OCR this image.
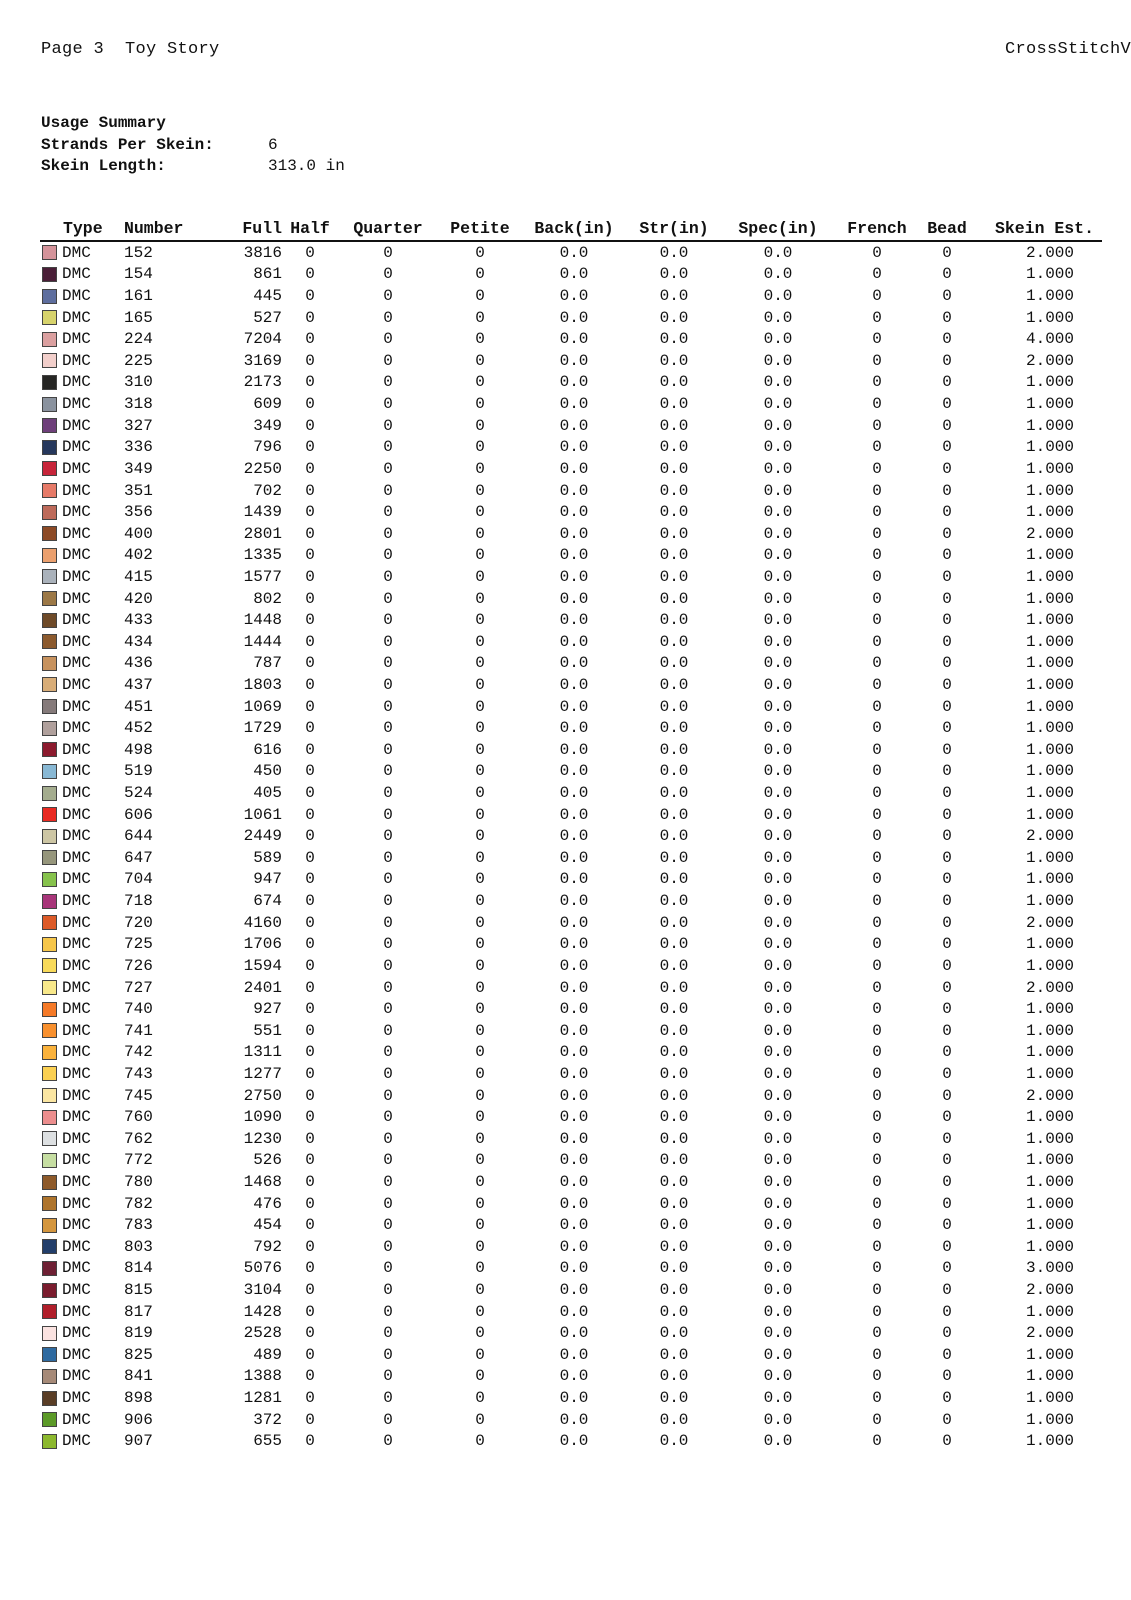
Page 3  Toy Story	CrossStitchV
Usage Summary
Strands Per Skein:	6
Skein Length:	313.0 in
Type		Number	Full	Half	Quarter	Petite	Back(in)	Str(in)	Spec(in)	French	Bead	Skein Est.

	DMC	152	3816	0	0	0	0.0	0.0	0.0	0	0	2.000

	DMC	154	861	0	0	0	0.0	0.0	0.0	0	0	1.000

	DMC	161	445	0	0	0	0.0	0.0	0.0	0	0	1.000

	DMC	165	527	0	0	0	0.0	0.0	0.0	0	0	1.000

	DMC	224	7204	0	0	0	0.0	0.0	0.0	0	0	4.000

	DMC	225	3169	0	0	0	0.0	0.0	0.0	0	0	2.000

	DMC	310	2173	0	0	0	0.0	0.0	0.0	0	0	1.000

	DMC	318	609	0	0	0	0.0	0.0	0.0	0	0	1.000

	DMC	327	349	0	0	0	0.0	0.0	0.0	0	0	1.000

	DMC	336	796	0	0	0	0.0	0.0	0.0	0	0	1.000

	DMC	349	2250	0	0	0	0.0	0.0	0.0	0	0	1.000

	DMC	351	702	0	0	0	0.0	0.0	0.0	0	0	1.000

	DMC	356	1439	0	0	0	0.0	0.0	0.0	0	0	1.000

	DMC	400	2801	0	0	0	0.0	0.0	0.0	0	0	2.000

	DMC	402	1335	0	0	0	0.0	0.0	0.0	0	0	1.000

	DMC	415	1577	0	0	0	0.0	0.0	0.0	0	0	1.000

	DMC	420	802	0	0	0	0.0	0.0	0.0	0	0	1.000

	DMC	433	1448	0	0	0	0.0	0.0	0.0	0	0	1.000

	DMC	434	1444	0	0	0	0.0	0.0	0.0	0	0	1.000

	DMC	436	787	0	0	0	0.0	0.0	0.0	0	0	1.000

	DMC	437	1803	0	0	0	0.0	0.0	0.0	0	0	1.000

	DMC	451	1069	0	0	0	0.0	0.0	0.0	0	0	1.000

	DMC	452	1729	0	0	0	0.0	0.0	0.0	0	0	1.000

	DMC	498	616	0	0	0	0.0	0.0	0.0	0	0	1.000

	DMC	519	450	0	0	0	0.0	0.0	0.0	0	0	1.000

	DMC	524	405	0	0	0	0.0	0.0	0.0	0	0	1.000

	DMC	606	1061	0	0	0	0.0	0.0	0.0	0	0	1.000

	DMC	644	2449	0	0	0	0.0	0.0	0.0	0	0	2.000

	DMC	647	589	0	0	0	0.0	0.0	0.0	0	0	1.000

	DMC	704	947	0	0	0	0.0	0.0	0.0	0	0	1.000

	DMC	718	674	0	0	0	0.0	0.0	0.0	0	0	1.000

	DMC	720	4160	0	0	0	0.0	0.0	0.0	0	0	2.000

	DMC	725	1706	0	0	0	0.0	0.0	0.0	0	0	1.000

	DMC	726	1594	0	0	0	0.0	0.0	0.0	0	0	1.000

	DMC	727	2401	0	0	0	0.0	0.0	0.0	0	0	2.000

	DMC	740	927	0	0	0	0.0	0.0	0.0	0	0	1.000

	DMC	741	551	0	0	0	0.0	0.0	0.0	0	0	1.000

	DMC	742	1311	0	0	0	0.0	0.0	0.0	0	0	1.000

	DMC	743	1277	0	0	0	0.0	0.0	0.0	0	0	1.000

	DMC	745	2750	0	0	0	0.0	0.0	0.0	0	0	2.000

	DMC	760	1090	0	0	0	0.0	0.0	0.0	0	0	1.000

	DMC	762	1230	0	0	0	0.0	0.0	0.0	0	0	1.000

	DMC	772	526	0	0	0	0.0	0.0	0.0	0	0	1.000

	DMC	780	1468	0	0	0	0.0	0.0	0.0	0	0	1.000

	DMC	782	476	0	0	0	0.0	0.0	0.0	0	0	1.000

	DMC	783	454	0	0	0	0.0	0.0	0.0	0	0	1.000

	DMC	803	792	0	0	0	0.0	0.0	0.0	0	0	1.000

	DMC	814	5076	0	0	0	0.0	0.0	0.0	0	0	3.000

	DMC	815	3104	0	0	0	0.0	0.0	0.0	0	0	2.000

	DMC	817	1428	0	0	0	0.0	0.0	0.0	0	0	1.000

	DMC	819	2528	0	0	0	0.0	0.0	0.0	0	0	2.000

	DMC	825	489	0	0	0	0.0	0.0	0.0	0	0	1.000

	DMC	841	1388	0	0	0	0.0	0.0	0.0	0	0	1.000

	DMC	898	1281	0	0	0	0.0	0.0	0.0	0	0	1.000

	DMC	906	372	0	0	0	0.0	0.0	0.0	0	0	1.000

	DMC	907	655	0	0	0	0.0	0.0	0.0	0	0	1.000
